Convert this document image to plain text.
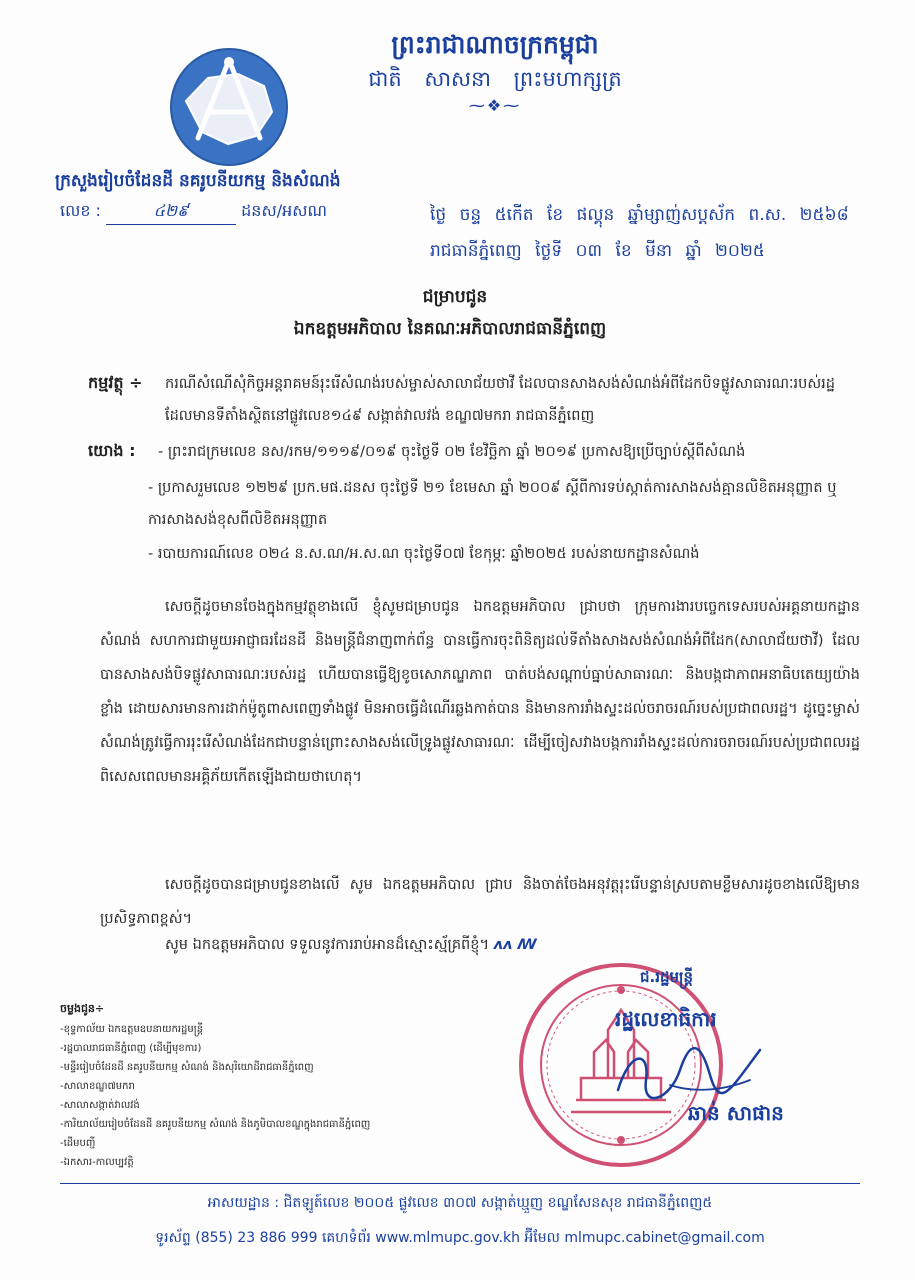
ព្រះរាជាណាចក្រកម្ពុជា
ជាតិ សាសនា ព្រះមហាក្សត្រ
⁓❖⁓
ក្រសួងរៀបចំដែនដី នគរូបនីយកម្ម និងសំណង់
លេខ :	៤២៩	ដនស/អសណ	ថ្ងៃ ចន្ទ ៥កើត ខែ ផល្គុន ឆ្នាំម្សាញ់សប្តស័ក ព.ស. ២៥៦៨
រាជធានីភ្នំពេញ ថ្ងៃទី ០៣ ខែ មីនា ឆ្នាំ ២០២៥
ជម្រាបជូន
ឯកឧត្តមអភិបាល នៃគណៈអភិបាលរាជធានីភ្នំពេញ
កម្មវត្ថុ ÷ ករណីសំណើសុំកិច្ចអន្តរាគមន៍រុះរើសំណង់របស់ម្ចាស់សាលាជ័យថាវី ដែលបានសាងសង់សំណង់អំពីដែកបិទផ្លូវសាធារណៈរបស់រដ្ឋ ដែលមានទីតាំងស្ថិតនៅផ្លូវលេខ១៤៩ សង្កាត់វាលវង់ ខណ្ឌ៧មករា រាជធានីភ្នំពេញ
យោង : - ព្រះរាជក្រមលេខ នស/រកម/១១១៩/០១៩ ចុះថ្ងៃទី ០២ ខែវិច្ឆិកា ឆ្នាំ ២០១៩ ប្រកាសឱ្យប្រើច្បាប់ស្តីពីសំណង់
- ប្រកាសរួមលេខ ១២២៩ ប្រក.មផ.ដនស ចុះថ្ងៃទី ២១ ខែមេសា ឆ្នាំ ២០០៩ ស្តីពីការទប់ស្កាត់ការសាងសង់គ្មានលិខិតអនុញ្ញាត ឬការសាងសង់ខុសពីលិខិតអនុញ្ញាត
- របាយការណ៍លេខ ០២៤ ន.ស.ណ/អ.ស.ណ ចុះថ្ងៃទី០៧ ខែកុម្ភៈ ឆ្នាំ២០២៥ របស់នាយកដ្ឋានសំណង់
សេចក្តីដូចមានចែងក្នុងកម្មវត្ថុខាងលើ ខ្ញុំសូមជម្រាបជូន ឯកឧត្តមអភិបាល ជ្រាបថា ក្រុមការងារបច្ចេកទេសរបស់អគ្គនាយកដ្ឋានសំណង់ សហការជាមួយអាជ្ញាធរដែនដី និងមន្ត្រីជំនាញពាក់ព័ន្ធ បានធ្វើការចុះពិនិត្យដល់ទីតាំងសាងសង់សំណង់អំពីដែក(សាលាជ័យថាវី) ដែលបានសាងសង់បិទផ្លូវសាធារណៈរបស់រដ្ឋ ហើយបានធ្វើឱ្យខូចសោភណ្ឌភាព បាត់បង់សណ្តាប់ធ្នាប់សាធារណៈ និងបង្កជាភាពអនាធិបតេយ្យយ៉ាងខ្លាំង ដោយសារមានការដាក់ម៉ូតូពាសពេញទាំងផ្លូវ មិនអាចធ្វើដំណើរឆ្លងកាត់បាន និងមានការរាំងស្ទះដល់ចរាចរណ៍របស់ប្រជាពលរដ្ឋ។ ដូច្នេះម្ចាស់សំណង់ត្រូវធ្វើការរុះរើសំណង់ដែកជាបន្ទាន់ព្រោះសាងសង់លើទ្រូងផ្លូវសាធារណៈ ដើម្បីចៀសវាងបង្កការរាំងស្ទះដល់ការចរាចរណ៍របស់ប្រជាពលរដ្ឋពិសេសពេលមានអគ្គិភ័យកើតឡើងជាយថាហេតុ។
សេចក្តីដូចបានជម្រាបជូនខាងលើ សូម ឯកឧត្តមអភិបាល ជ្រាប និងចាត់ចែងអនុវត្តរុះរើបន្ទាន់ស្របតាមខ្លឹមសារដូចខាងលើឱ្យមានប្រសិទ្ធភាពខ្ពស់។
សូម ឯកឧត្តមអភិបាល ទទួលនូវការរាប់អានដ៏ស្មោះស្ម័គ្រពីខ្ញុំ។ ʌᴧ ꟿ
ចម្លងជូន÷
-ខុទ្ទកាល័យ ឯកឧត្តមឧបនាយករដ្ឋមន្ត្រី
-រដ្ឋបាលរាជធានីភ្នំពេញ (ដើម្បីមុខការ)
-មន្ទីររៀបចំដែនដី នគរូបនីយកម្ម សំណង់ និងសុរិយោដីរាជធានីភ្នំពេញ
-សាលាខណ្ឌ៧មករា
-សាលាសង្កាត់វាលវង់
-ការិយាល័យរៀបចំដែនដី នគរូបនីយកម្ម សំណង់ និងភូមិបាលខណ្ឌក្នុងរាជធានីភ្នំពេញ
-ដើមបញ្ជី
-ឯកសារ-កាលប្បវត្តិ
ជ.រដ្ឋមន្ត្រី
រដ្ឋលេខាធិការ
ឆាន់ សាផាន
អាសយដ្ឋាន : ជិតឡូត៍លេខ ២០០៥ ផ្លូវលេខ ៣០៧ សង្កាត់ឃ្មួញ ខណ្ឌសែនសុខ រាជធានីភ្នំពេញ៥
ទូរស័ព្ទ (855) 23 886 999 គេហទំព័រ www.mlmupc.gov.kh អ៊ីមែល mlmupc.cabinet@gmail.com
